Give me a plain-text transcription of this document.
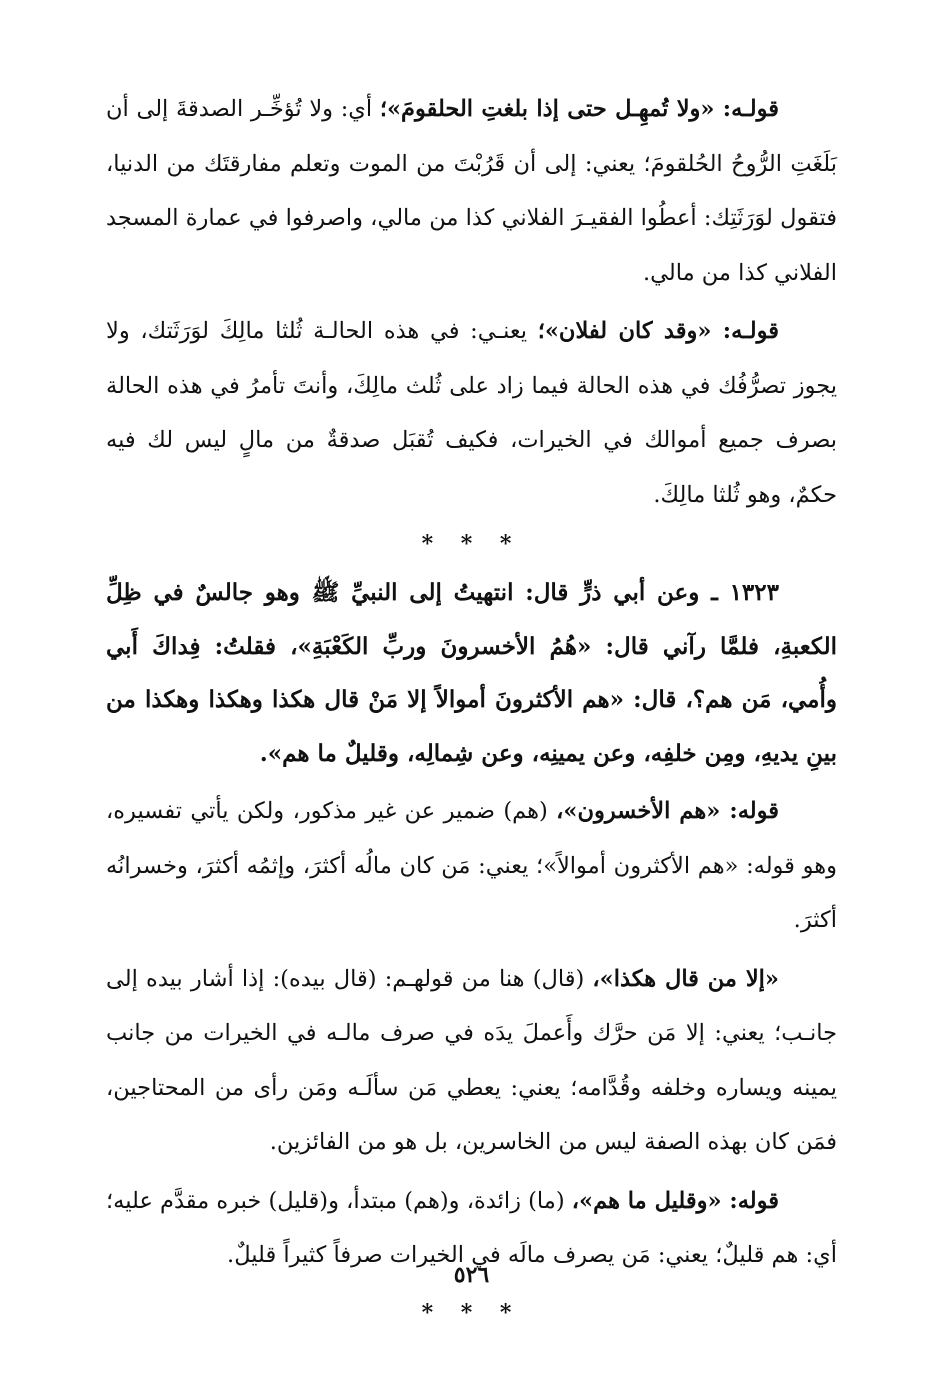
قولـه: «ولا تُمهِـل حتى إذا بلغتِ الحلقومَ»؛ أي: ولا تُؤخِّـر الصدقةَ إلى أن بَلَغَتِ الرُّوحُ الحُلقومَ؛ يعني: إلى أن قَرُبْتَ من الموت وتعلم مفارقتَك من الدنيا، فتقول لوَرَثَتِك: أعطُوا الفقيـرَ الفلاني كذا من مالي، واصرفوا في عمارة المسجد الفلاني كذا من مالي.

قولـه: «وقد كان لفلان»؛ يعنـي: في هذه الحالـة ثُلثا مالِكَ لوَرَثَتك، ولا يجوز تصرُّفُك في هذه الحالة فيما زاد على ثُلث مالِكَ، وأنتَ تأمرُ في هذه الحالة بصرف جميع أموالك في الخيرات، فكيف تُقبَل صدقةٌ من مالٍ ليس لك فيه حكمٌ، وهو ثُلثا مالِكَ.

* * *

١٣٢٣ ـ وعن أبي ذرٍّ قال: انتهيتُ إلى النبيِّ ﷺ وهو جالسٌ في ظِلِّ الكعبةِ، فلمَّا رآني قال: «هُمُ الأخسرونَ وربِّ الكَعْبَةِ»، فقلتُ: فِداكَ أَبي وأُمي، مَن هم؟، قال: «هم الأكثرونَ أموالاً إلا مَنْ قال هكذا وهكذا وهكذا من بينِ يديهِ، ومِن خلفِه، وعن يمينِه، وعن شِمالِه، وقليلٌ ما هم».

قوله: «هم الأخسرون»، (هم) ضمير عن غير مذكور، ولكن يأتي تفسيره، وهو قوله: «هم الأكثرون أموالاً»؛ يعني: مَن كان مالُه أكثرَ، وإثمُه أكثرَ، وخسرانُه أكثرَ.

«إلا من قال هكذا»، (قال) هنا من قولهـم: (قال بيده): إذا أشار بيده إلى جانـب؛ يعني: إلا مَن حرَّك وأَعملَ يدَه في صرف مالـه في الخيرات من جانب يمينه ويساره وخلفه وقُدَّامه؛ يعني: يعطي مَن سألَـه ومَن رأى من المحتاجين، فمَن كان بهذه الصفة ليس من الخاسرين، بل هو من الفائزين.

قوله: «وقليل ما هم»، (ما) زائدة، و(هم) مبتدأ، و(قليل) خبره مقدَّم عليه؛ أي: هم قليلٌ؛ يعني: مَن يصرف مالَه في الخيرات صرفاً كثيراً قليلٌ.

* * *
٥٢٦
